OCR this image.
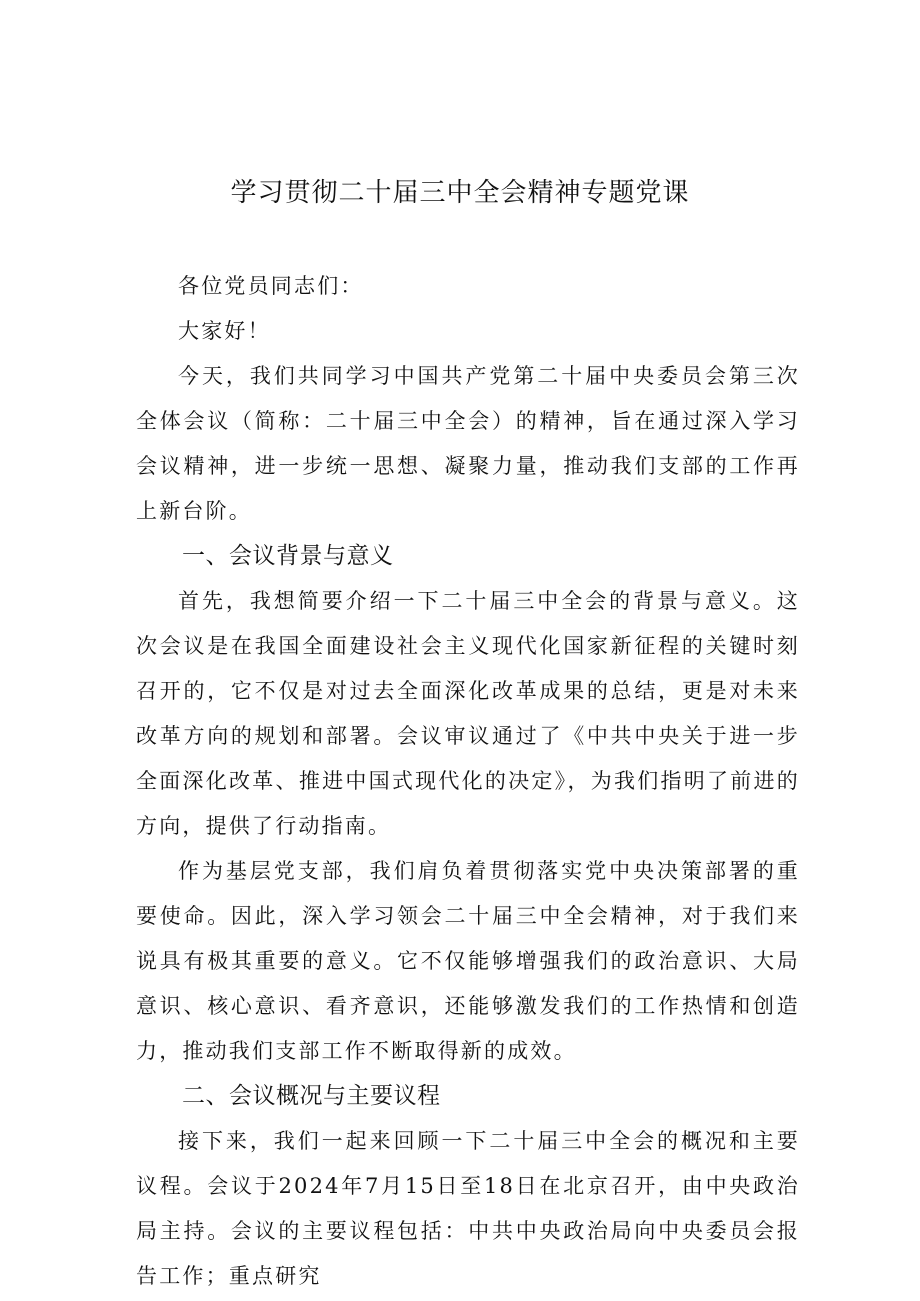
学习贯彻二十届三中全会精神专题党课

各位党员同志们：

大家好！

今天，我们共同学习中国共产党第二十届中央委员会第三次全体会议（简称：二十届三中全会）的精神，旨在通过深入学习会议精神，进一步统一思想、凝聚力量，推动我们支部的工作再上新台阶。

一、会议背景与意义

首先，我想简要介绍一下二十届三中全会的背景与意义。这次会议是在我国全面建设社会主义现代化国家新征程的关键时刻召开的，它不仅是对过去全面深化改革成果的总结，更是对未来改革方向的规划和部署。会议审议通过了《中共中央关于进一步全面深化改革、推进中国式现代化的决定》，为我们指明了前进的方向，提供了行动指南。

作为基层党支部，我们肩负着贯彻落实党中央决策部署的重要使命。因此，深入学习领会二十届三中全会精神，对于我们来说具有极其重要的意义。它不仅能够增强我们的政治意识、大局意识、核心意识、看齐意识，还能够激发我们的工作热情和创造力，推动我们支部工作不断取得新的成效。

二、会议概况与主要议程

接下来，我们一起来回顾一下二十届三中全会的概况和主要议程。会议于2024年7月15日至18日在北京召开，由中央政治局主持。会议的主要议程包括：中共中央政治局向中央委员会报告工作；重点研究
